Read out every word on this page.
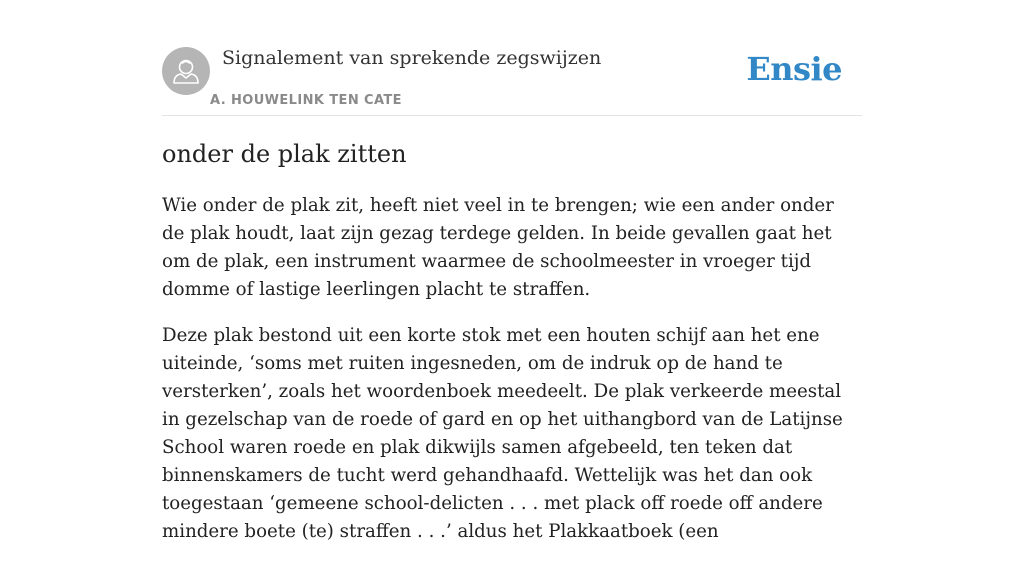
Signalement van sprekende zegswijzen
A. HOUWELINK TEN CATE
Ensie
onder de plak zitten

Wie onder de plak zit, heeft niet veel in te brengen; wie een ander onder de plak houdt, laat zijn gezag terdege gelden. In beide gevallen gaat het om de plak, een instrument waarmee de schoolmeester in vroeger tijd domme of lastige leerlingen placht te straffen.

Deze plak bestond uit een korte stok met een houten schijf aan het ene uiteinde, ‘soms met ruiten ingesneden, om de indruk op de hand te versterken’, zoals het woordenboek meedeelt. De plak verkeerde meestal in gezelschap van de roede of gard en op het uithangbord van de Latijnse School waren roede en plak dikwijls samen afgebeeld, ten teken dat binnenskamers de tucht werd gehandhaafd. Wettelijk was het dan ook toegestaan ‘gemeene school-delicten . . . met plack off roede off andere mindere boete (te) straffen . . .’ aldus het Plakkaatboek (een
